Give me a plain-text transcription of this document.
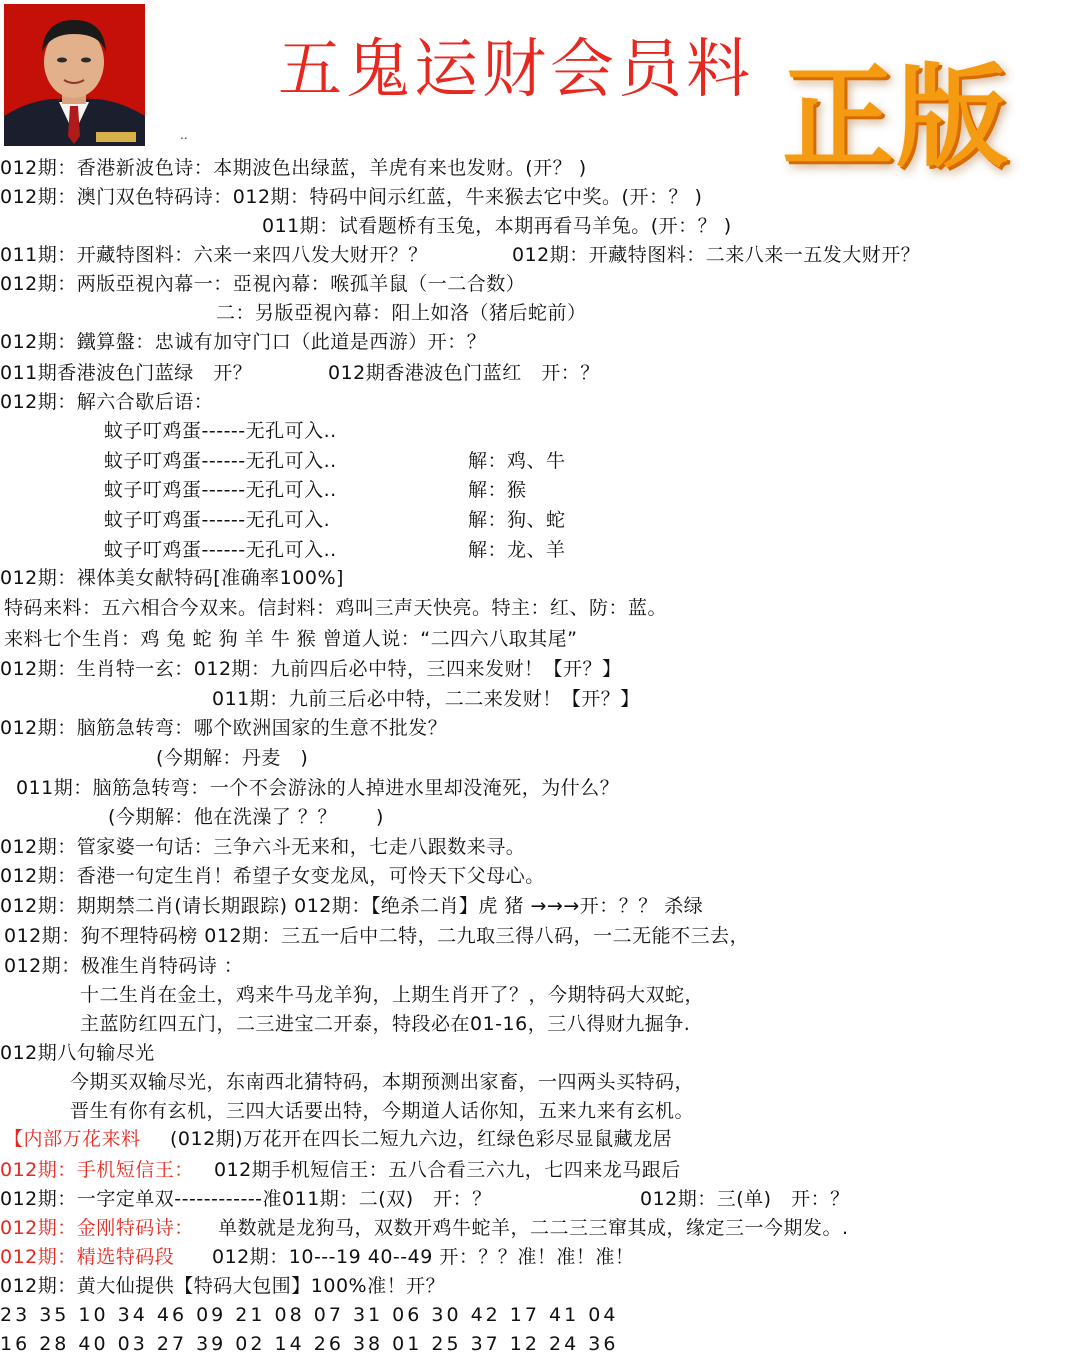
五鬼运财会员料 正版
..
012期：香港新波色诗：本期波色出绿蓝，羊虎有来也发财。(开？ )
012期：澳门双色特码诗：012期：特码中间示红蓝，牛来猴去它中奖。(开：？ )
011期：试看题桥有玉兔，本期再看马羊兔。(开：？ )
011期：开藏特图料：六来一来四八发大财开？？	012期：开藏特图料：二来八来一五发大财开？
012期：两版亞視內幕一：亞視內幕：喉孤羊鼠（一二合数）
二：另版亞視內幕：阳上如洛（猪后蛇前）
012期：鐵算盤：忠诚有加守门口（此道是西游）开：？
011期香港波色门蓝绿　开？	012期香港波色门蓝红　开：？
012期：解六合歇后语：
蚊子叮鸡蛋------无孔可入..
蚊子叮鸡蛋------无孔可入..	解：鸡、牛
蚊子叮鸡蛋------无孔可入..	解：猴
蚊子叮鸡蛋------无孔可入.	解：狗、蛇
蚊子叮鸡蛋------无孔可入..	解：龙、羊
012期：裸体美女献特码[准确率100%]
特码来料：五六相合今双来。信封料：鸡叫三声天快亮。特主：红、防：蓝。
来料七个生肖：鸡 兔 蛇 狗 羊 牛 猴 曾道人说：“二四六八取其尾”
012期：生肖特一玄：012期：九前四后必中特，三四来发财！【开？】
011期：九前三后必中特，二二来发财！【开？】
012期：脑筋急转弯：哪个欧洲国家的生意不批发？
(今期解：丹麦　)
011期：脑筋急转弯：一个不会游泳的人掉进水里却没淹死，为什么？
(今期解：他在洗澡了 ？？　　)
012期：管家婆一句话：三争六斗无来和，七走八跟数来寻。
012期：香港一句定生肖！希望子女变龙凤，可怜天下父母心。
012期：期期禁二肖(请长期跟踪) 012期：【绝杀二肖】虎 猪 →→→开：？？ 杀绿
012期：狗不理特码榜 012期：三五一后中二特，二九取三得八码，一二无能不三去，
012期：极准生肖特码诗 ：
十二生肖在金土，鸡来牛马龙羊狗，上期生肖开了？，今期特码大双蛇，
主蓝防红四五门，二三进宝二开泰，特段必在01-16，三八得财九掘争.
012期八句输尽光
今期买双输尽光，东南西北猜特码，本期预测出家畜，一四两头买特码，
晋生有你有玄机，三四大话要出特，今期道人话你知，五来九来有玄机。
【内部万花来料 (012期)万花开在四长二短九六边，红绿色彩尽显鼠藏龙居
012期：手机短信王： 012期手机短信王：五八合看三六九，七四来龙马跟后
012期：一字定单双------------准011期：二(双)　开：？	012期：三(单)　开：？
012期：金刚特码诗： 单数就是龙狗马，双数开鸡牛蛇羊，二二三三窜其成，缘定三一今期发。.
012期：精选特码段 012期：10---19 40--49 开：？？准！准！准！
012期：黄大仙提供【特码大包围】100%准！开？
23 35 10 34 46 09 21 08 07 31 06 30 42 17 41 04
16 28 40 03 27 39 02 14 26 38 01 25 37 12 24 36
